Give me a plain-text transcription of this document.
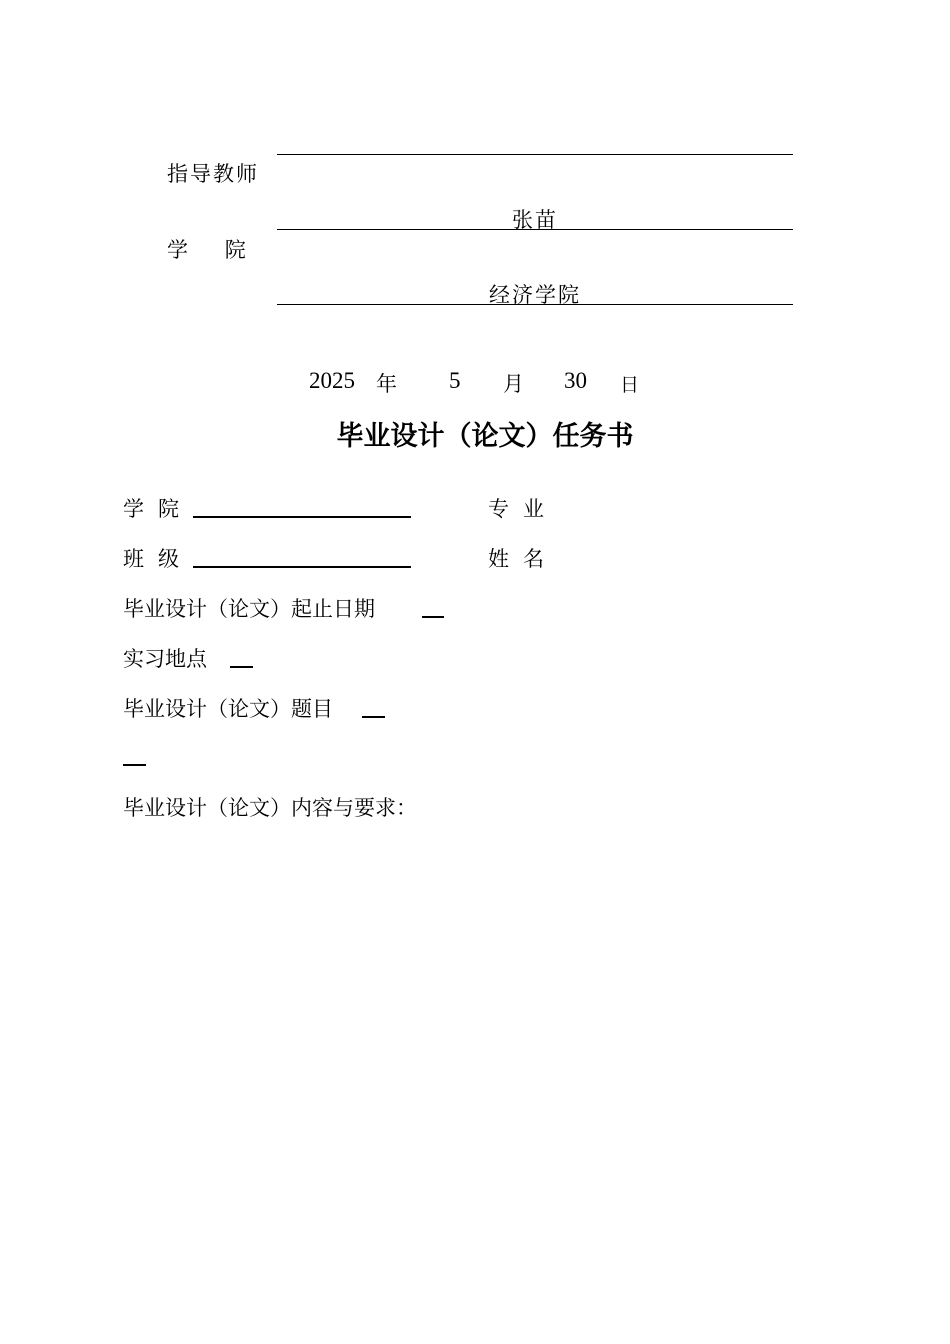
指导教师
张苗
学    院
经济学院
2025 年 5 月 30 日
毕业设计（论文）任务书
学院	专业
班级	姓名
毕业设计（论文）起止日期
实习地点
毕业设计（论文）题目
毕业设计（论文）内容与要求：
